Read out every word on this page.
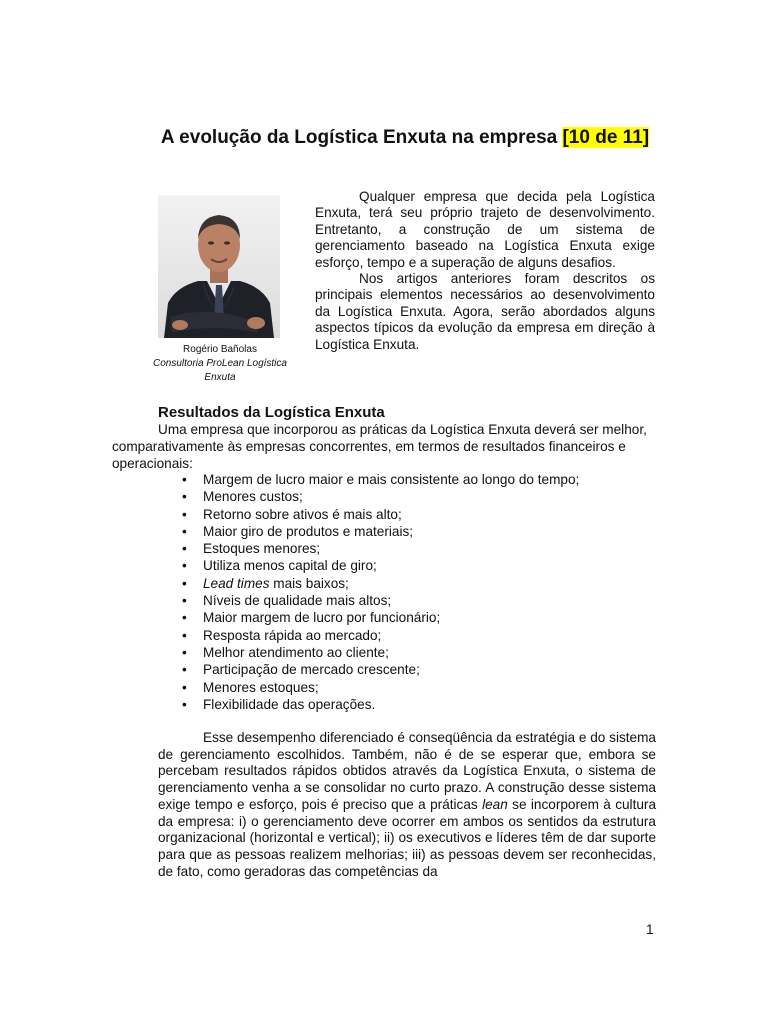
A evolução da Logística Enxuta na empresa [10 de 11]
Rogério Bañolas
Consultoria ProLean Logística Enxuta

Qualquer empresa que decida pela Logística Enxuta, terá seu próprio trajeto de desenvolvimento. Entretanto, a construção de um sistema de gerenciamento baseado na Logística Enxuta exige esforço, tempo e a superação de alguns desafios.

Nos artigos anteriores foram descritos os principais elementos necessários ao desenvolvimento da Logística Enxuta. Agora, serão abordados alguns aspectos típicos da evolução da empresa em direção à Logística Enxuta.

Resultados da Logística Enxuta
Uma empresa que incorporou as práticas da Logística Enxuta deverá ser melhor, comparativamente às empresas concorrentes, em termos de resultados financeiros e operacionais:
• Margem de lucro maior e mais consistente ao longo do tempo;
• Menores custos;
• Retorno sobre ativos é mais alto;
• Maior giro de produtos e materiais;
• Estoques menores;
• Utiliza menos capital de giro;
• Lead times mais baixos;
• Níveis de qualidade mais altos;
• Maior margem de lucro por funcionário;
• Resposta rápida ao mercado;
• Melhor atendimento ao cliente;
• Participação de mercado crescente;
• Menores estoques;
• Flexibilidade das operações.
Esse desempenho diferenciado é conseqüência da estratégia e do sistema de gerenciamento escolhidos. Também, não é de se esperar que, embora se percebam resultados rápidos obtidos através da Logística Enxuta, o sistema de gerenciamento venha a se consolidar no curto prazo. A construção desse sistema exige tempo e esforço, pois é preciso que a práticas lean se incorporem à cultura da empresa: i) o gerenciamento deve ocorrer em ambos os sentidos da estrutura organizacional (horizontal e vertical); ii) os executivos e líderes têm de dar suporte para que as pessoas realizem melhorias; iii) as pessoas devem ser reconhecidas, de fato, como geradoras das competências da
1
